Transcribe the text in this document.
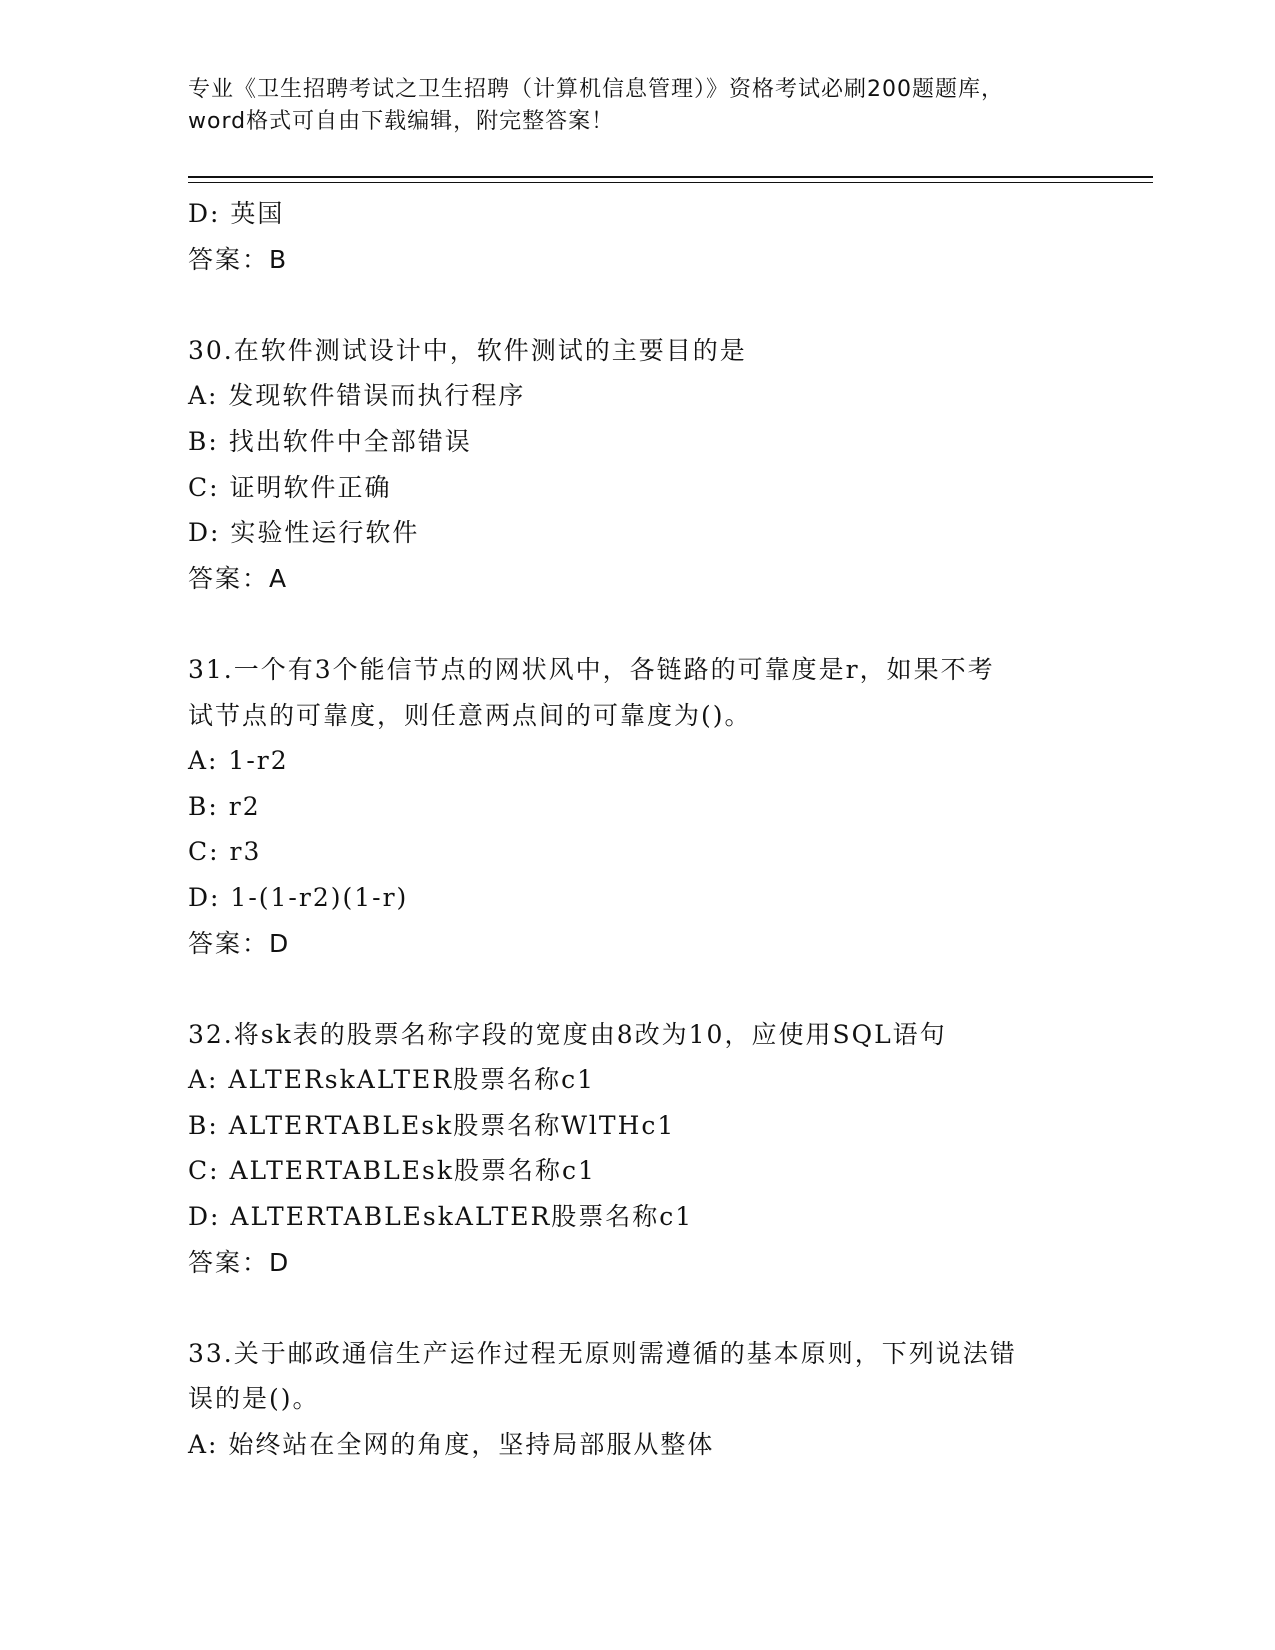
专业《卫生招聘考试之卫生招聘（计算机信息管理）》资格考试必刷200题题库，
word格式可自由下载编辑，附完整答案！
D: 英国
答案：B
30.在软件测试设计中，软件测试的主要目的是
A: 发现软件错误而执行程序
B: 找出软件中全部错误
C: 证明软件正确
D: 实验性运行软件
答案：A
31.一个有3个能信节点的网状风中，各链路的可靠度是r，如果不考
试节点的可靠度，则任意两点间的可靠度为()。
A: 1-r2
B: r2
C: r3
D: 1-(1-r2)(1-r)
答案：D
32.将sk表的股票名称字段的宽度由8改为10，应使用SQL语句
A: ALTERskALTER股票名称c1
B: ALTERTABLEsk股票名称WlTHc1
C: ALTERTABLEsk股票名称c1
D: ALTERTABLEskALTER股票名称c1
答案：D
33.关于邮政通信生产运作过程无原则需遵循的基本原则，下列说法错
误的是()。
A: 始终站在全网的角度，坚持局部服从整体
